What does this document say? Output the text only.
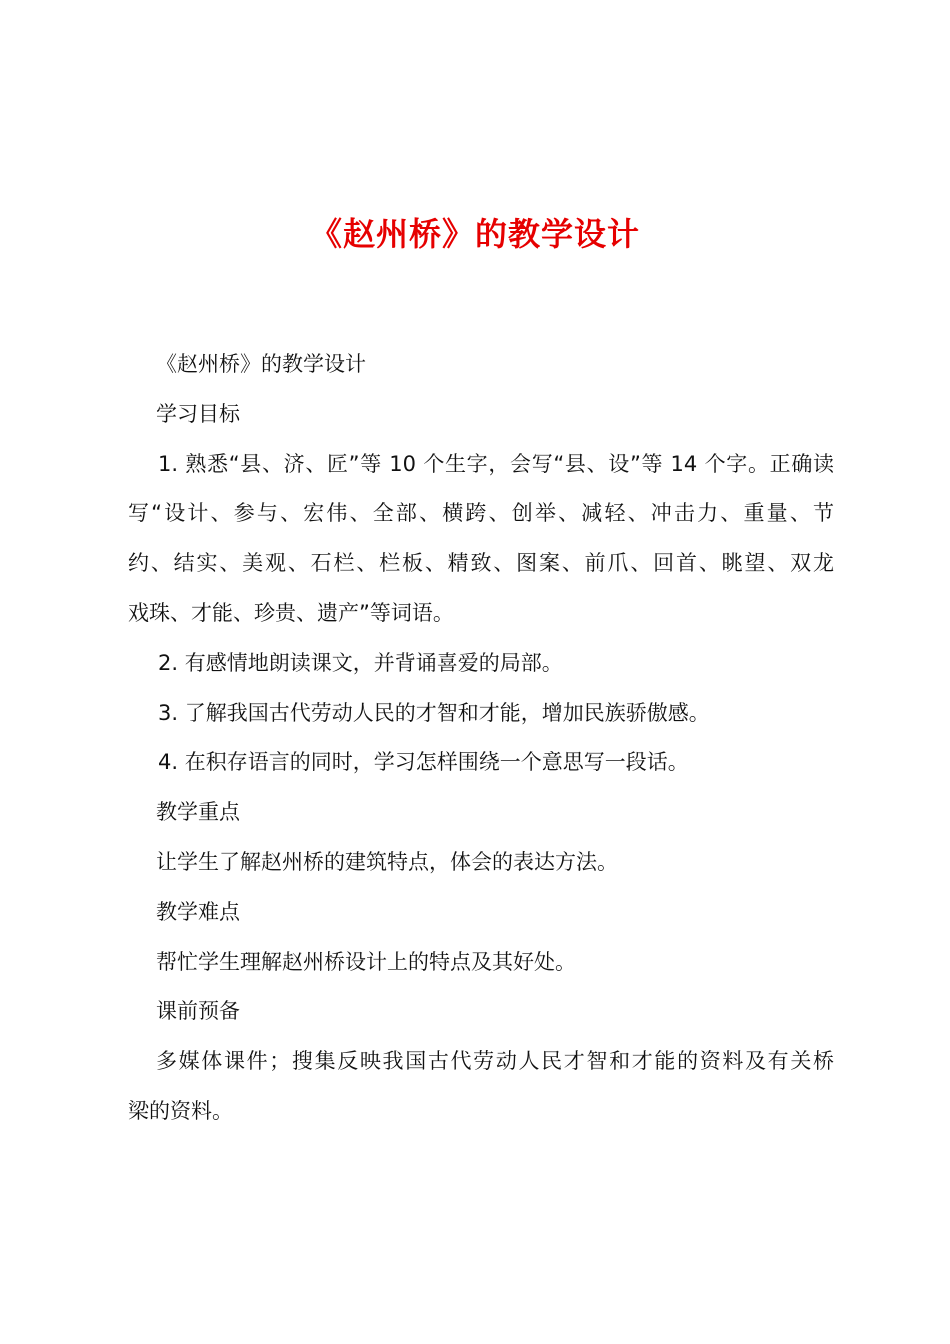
《赵州桥》的教学设计
《赵州桥》的教学设计
学习目标
1. 熟悉“县、济、匠”等 10 个生字，会写“县、设”等 14 个字。正确读
写“设计、参与、宏伟、全部、横跨、创举、减轻、冲击力、重量、节
约、结实、美观、石栏、栏板、精致、图案、前爪、回首、眺望、双龙
戏珠、才能、珍贵、遗产”等词语。
2. 有感情地朗读课文，并背诵喜爱的局部。
3. 了解我国古代劳动人民的才智和才能，增加民族骄傲感。
4. 在积存语言的同时，学习怎样围绕一个意思写一段话。
教学重点
让学生了解赵州桥的建筑特点，体会的表达方法。
教学难点
帮忙学生理解赵州桥设计上的特点及其好处。
课前预备
多媒体课件；搜集反映我国古代劳动人民才智和才能的资料及有关桥
梁的资料。
